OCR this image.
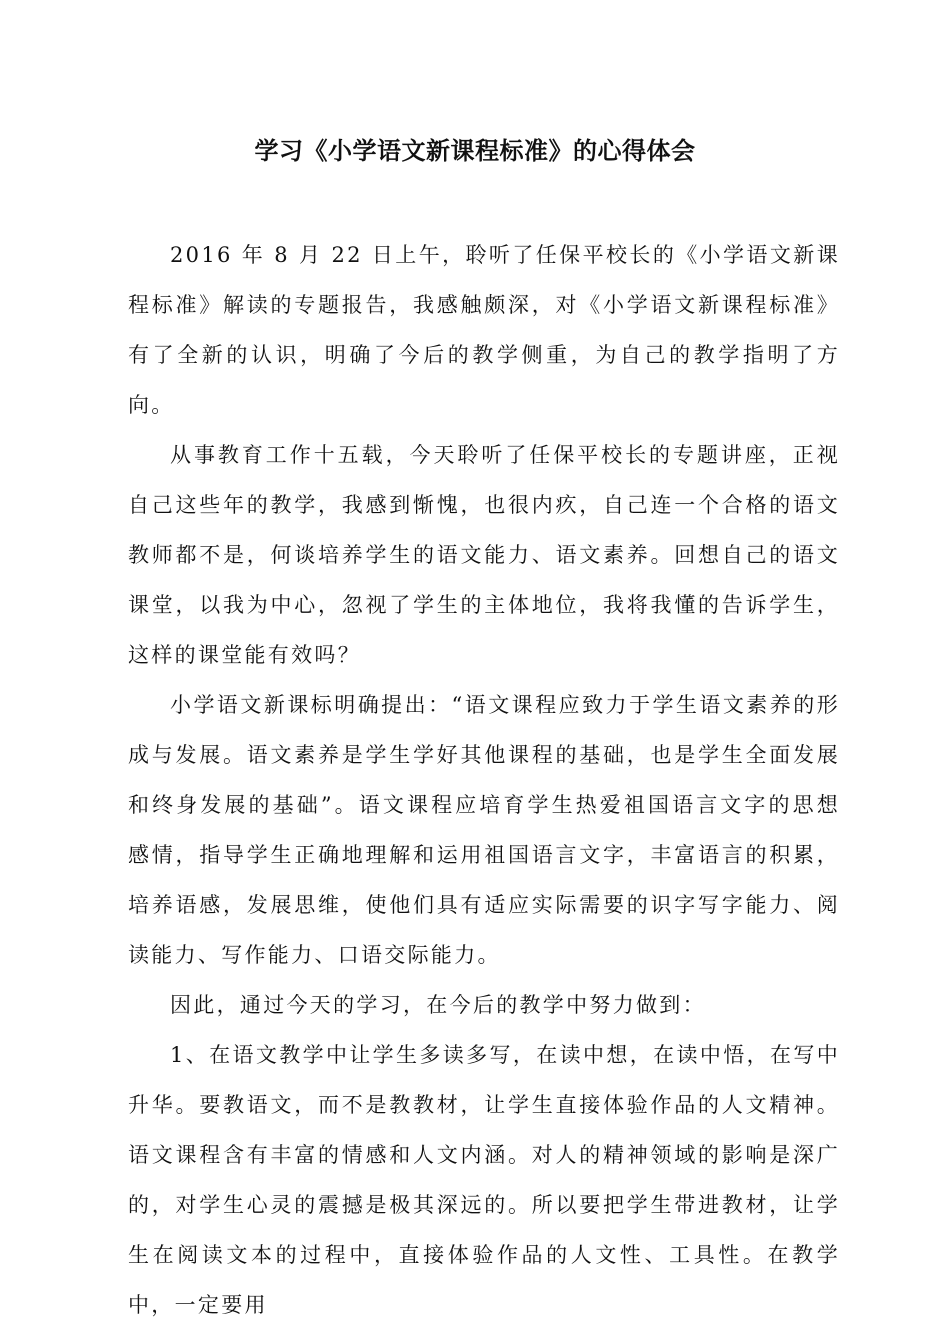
学习《小学语文新课程标准》的心得体会

2016 年 8 月 22 日上午，聆听了任保平校长的《小学语文新课程标准》解读的专题报告，我感触颇深，对《小学语文新课程标准》有了全新的认识，明确了今后的教学侧重，为自己的教学指明了方向。

从事教育工作十五载，今天聆听了任保平校长的专题讲座，正视自己这些年的教学，我感到惭愧，也很内疚，自己连一个合格的语文教师都不是，何谈培养学生的语文能力、语文素养。回想自己的语文课堂，以我为中心，忽视了学生的主体地位，我将我懂的告诉学生，这样的课堂能有效吗？

小学语文新课标明确提出：“语文课程应致力于学生语文素养的形成与发展。语文素养是学生学好其他课程的基础，也是学生全面发展和终身发展的基础”。语文课程应培育学生热爱祖国语言文字的思想感情，指导学生正确地理解和运用祖国语言文字，丰富语言的积累，培养语感，发展思维，使他们具有适应实际需要的识字写字能力、阅读能力、写作能力、口语交际能力。

因此，通过今天的学习，在今后的教学中努力做到：

1、在语文教学中让学生多读多写，在读中想，在读中悟，在写中升华。要教语文，而不是教教材，让学生直接体验作品的人文精神。语文课程含有丰富的情感和人文内涵。对人的精神领域的影响是深广的，对学生心灵的震撼是极其深远的。所以要把学生带进教材，让学生在阅读文本的过程中，直接体验作品的人文性、工具性。在教学中，一定要用
